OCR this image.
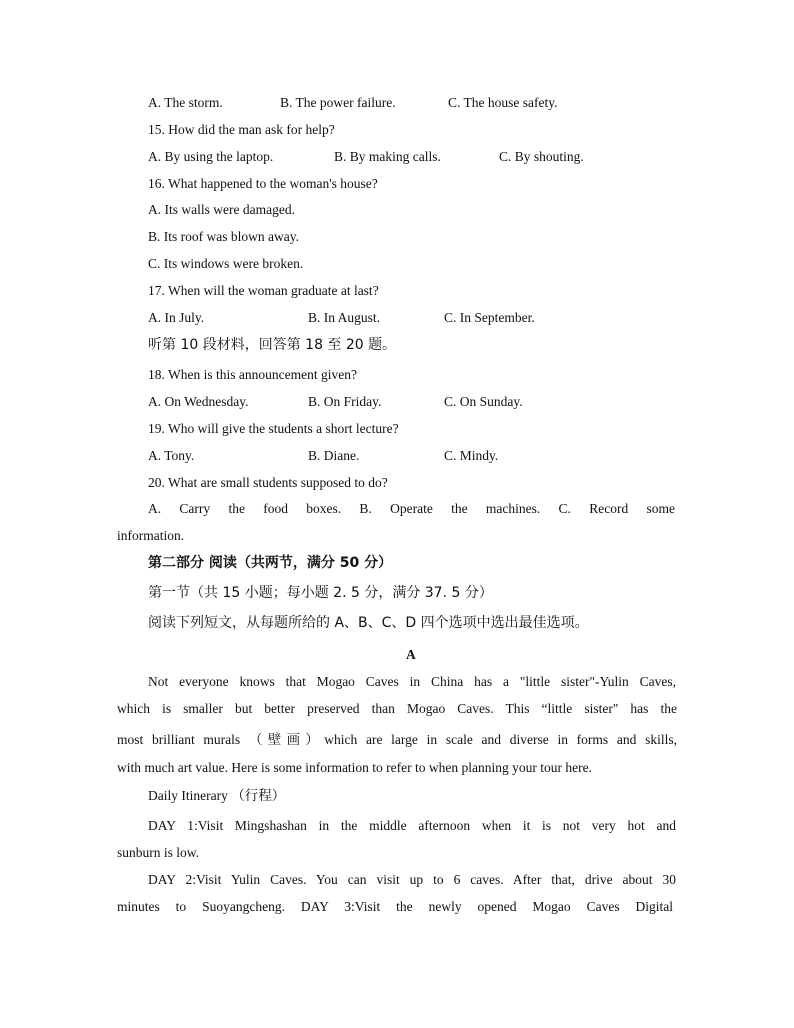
A. The storm.	B. The power failure.	C. The house safety.
15. How did the man ask for help?
A. By using the laptop.	B. By making calls.	C. By shouting.
16. What happened to the woman's house?
A. Its walls were damaged.
B. Its roof was blown away.
C. Its windows were broken.
17. When will the woman graduate at last?
A. In July.	B. In August.	C. In September.
听第 10 段材料，回答第 18 至 20 题。
18. When is this announcement given?
A. On Wednesday.	B. On Friday.	C. On Sunday.
19. Who will give the students a short lecture?
A. Tony.	B. Diane.	C. Mindy.
20. What are small students supposed to do?
A. Carry the food boxes. B. Operate the machines. C. Record some
information.
第二部分 阅读（共两节，满分 50 分）
第一节（共 15 小题；每小题 2. 5 分，满分 37. 5 分）
阅读下列短文，从每题所给的 A、B、C、D 四个选项中选出最佳选项。
A
Not everyone knows that Mogao Caves in China has a "little sister"-Yulin Caves,
which is smaller but better preserved than Mogao Caves. This “little sister" has the
most brilliant murals （壁画）which are large in scale and diverse in forms and skills,
with much art value. Here is some information to refer to when planning your tour here.
Daily Itinerary （行程）
DAY 1:Visit Mingshashan in the middle afternoon when it is not very hot and
sunburn is low.
DAY 2:Visit Yulin Caves. You can visit up to 6 caves. After that, drive about 30
minutes to Suoyangcheng. DAY 3:Visit the newly opened Mogao Caves Digital
